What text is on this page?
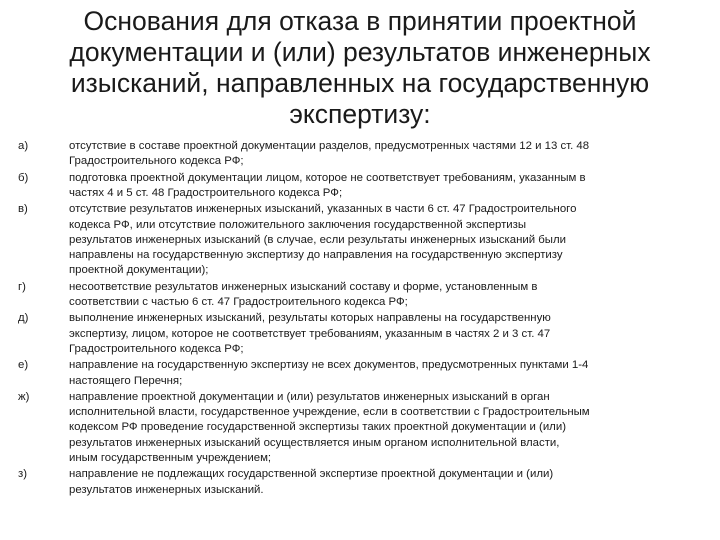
Основания для отказа в принятии проектной документации и (или) результатов инженерных изысканий, направленных на государственную экспертизу:
а)	отсутствие в составе проектной документации разделов, предусмотренных частями 12 и 13 ст. 48
Градостроительного кодекса РФ;
б)	подготовка проектной документации лицом, которое не соответствует требованиям, указанным в
частях 4 и 5 ст. 48 Градостроительного кодекса РФ;
в)	отсутствие результатов инженерных изысканий, указанных в части 6 ст. 47 Градостроительного
кодекса РФ, или отсутствие положительного заключения государственной экспертизы
результатов инженерных изысканий (в случае, если результаты инженерных изысканий были
направлены на государственную экспертизу до направления на государственную экспертизу
проектной документации);
г)	несоответствие результатов инженерных изысканий составу и форме, установленным в
соответствии с частью 6 ст. 47 Градостроительного кодекса РФ;
д)	выполнение инженерных изысканий, результаты которых направлены на государственную
экспертизу, лицом, которое не соответствует требованиям, указанным в частях 2 и 3 ст. 47
Градостроительного кодекса РФ;
е)	направление на государственную экспертизу не всех документов, предусмотренных пунктами 1-4
настоящего Перечня;
ж)	направление проектной документации и (или) результатов инженерных изысканий в орган
исполнительной власти, государственное учреждение, если в соответствии с Градостроительным
кодексом РФ проведение государственной экспертизы таких проектной документации и (или)
результатов инженерных изысканий осуществляется иным органом исполнительной власти,
иным государственным учреждением;
з)	направление не подлежащих государственной экспертизе проектной документации и (или)
результатов инженерных изысканий.
